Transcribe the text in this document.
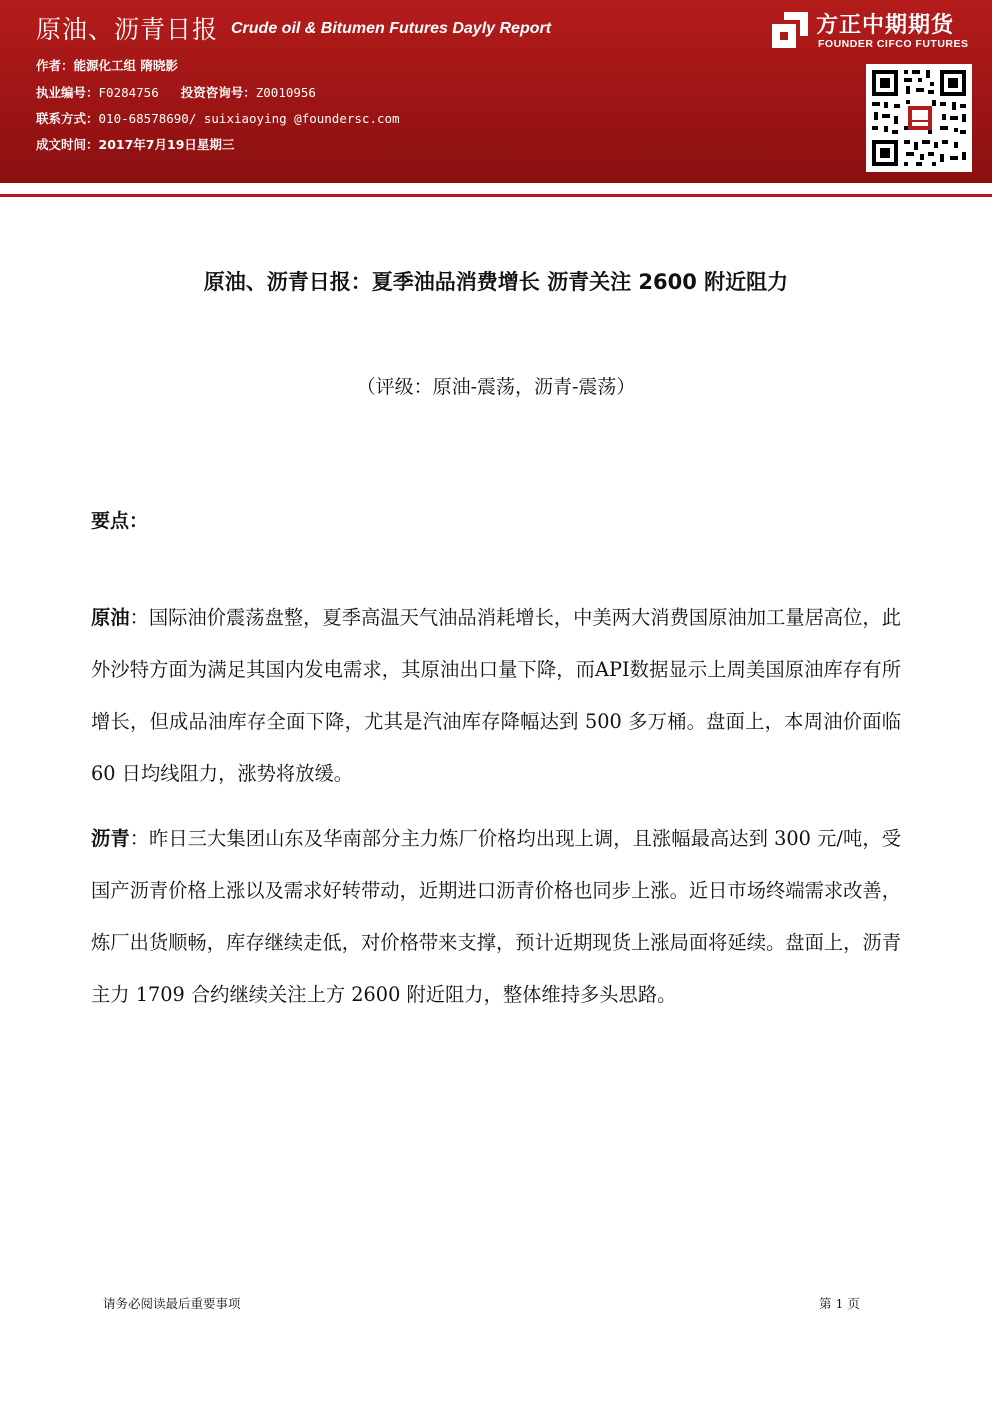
原油、沥青日报 Crude oil & Bitumen Futures Dayly Report
作者：能源化工组 隋晓影
执业编号：F0284756 投资咨询号：Z0010956
联系方式：010-68578690/ suixiaoying @foundersc.com
成文时间：2017年7月19日星期三
方正中期期货
FOUNDER CIFCO FUTURES
原油、沥青日报：夏季油品消费增长 沥青关注 2600 附近阻力
（评级：原油-震荡，沥青-震荡）
要点：
原油：国际油价震荡盘整，夏季高温天气油品消耗增长，中美两大消费国原油加工量居高位，此外沙特方面为满足其国内发电需求，其原油出口量下降，而API数据显示上周美国原油库存有所增长，但成品油库存全面下降，尤其是汽油库存降幅达到 500 多万桶。盘面上，本周油价面临 60 日均线阻力，涨势将放缓。
沥青：昨日三大集团山东及华南部分主力炼厂价格均出现上调，且涨幅最高达到 300 元/吨，受国产沥青价格上涨以及需求好转带动，近期进口沥青价格也同步上涨。近日市场终端需求改善，炼厂出货顺畅，库存继续走低，对价格带来支撑，预计近期现货上涨局面将延续。盘面上，沥青主力 1709 合约继续关注上方 2600 附近阻力，整体维持多头思路。
请务必阅读最后重要事项	第 1 页
